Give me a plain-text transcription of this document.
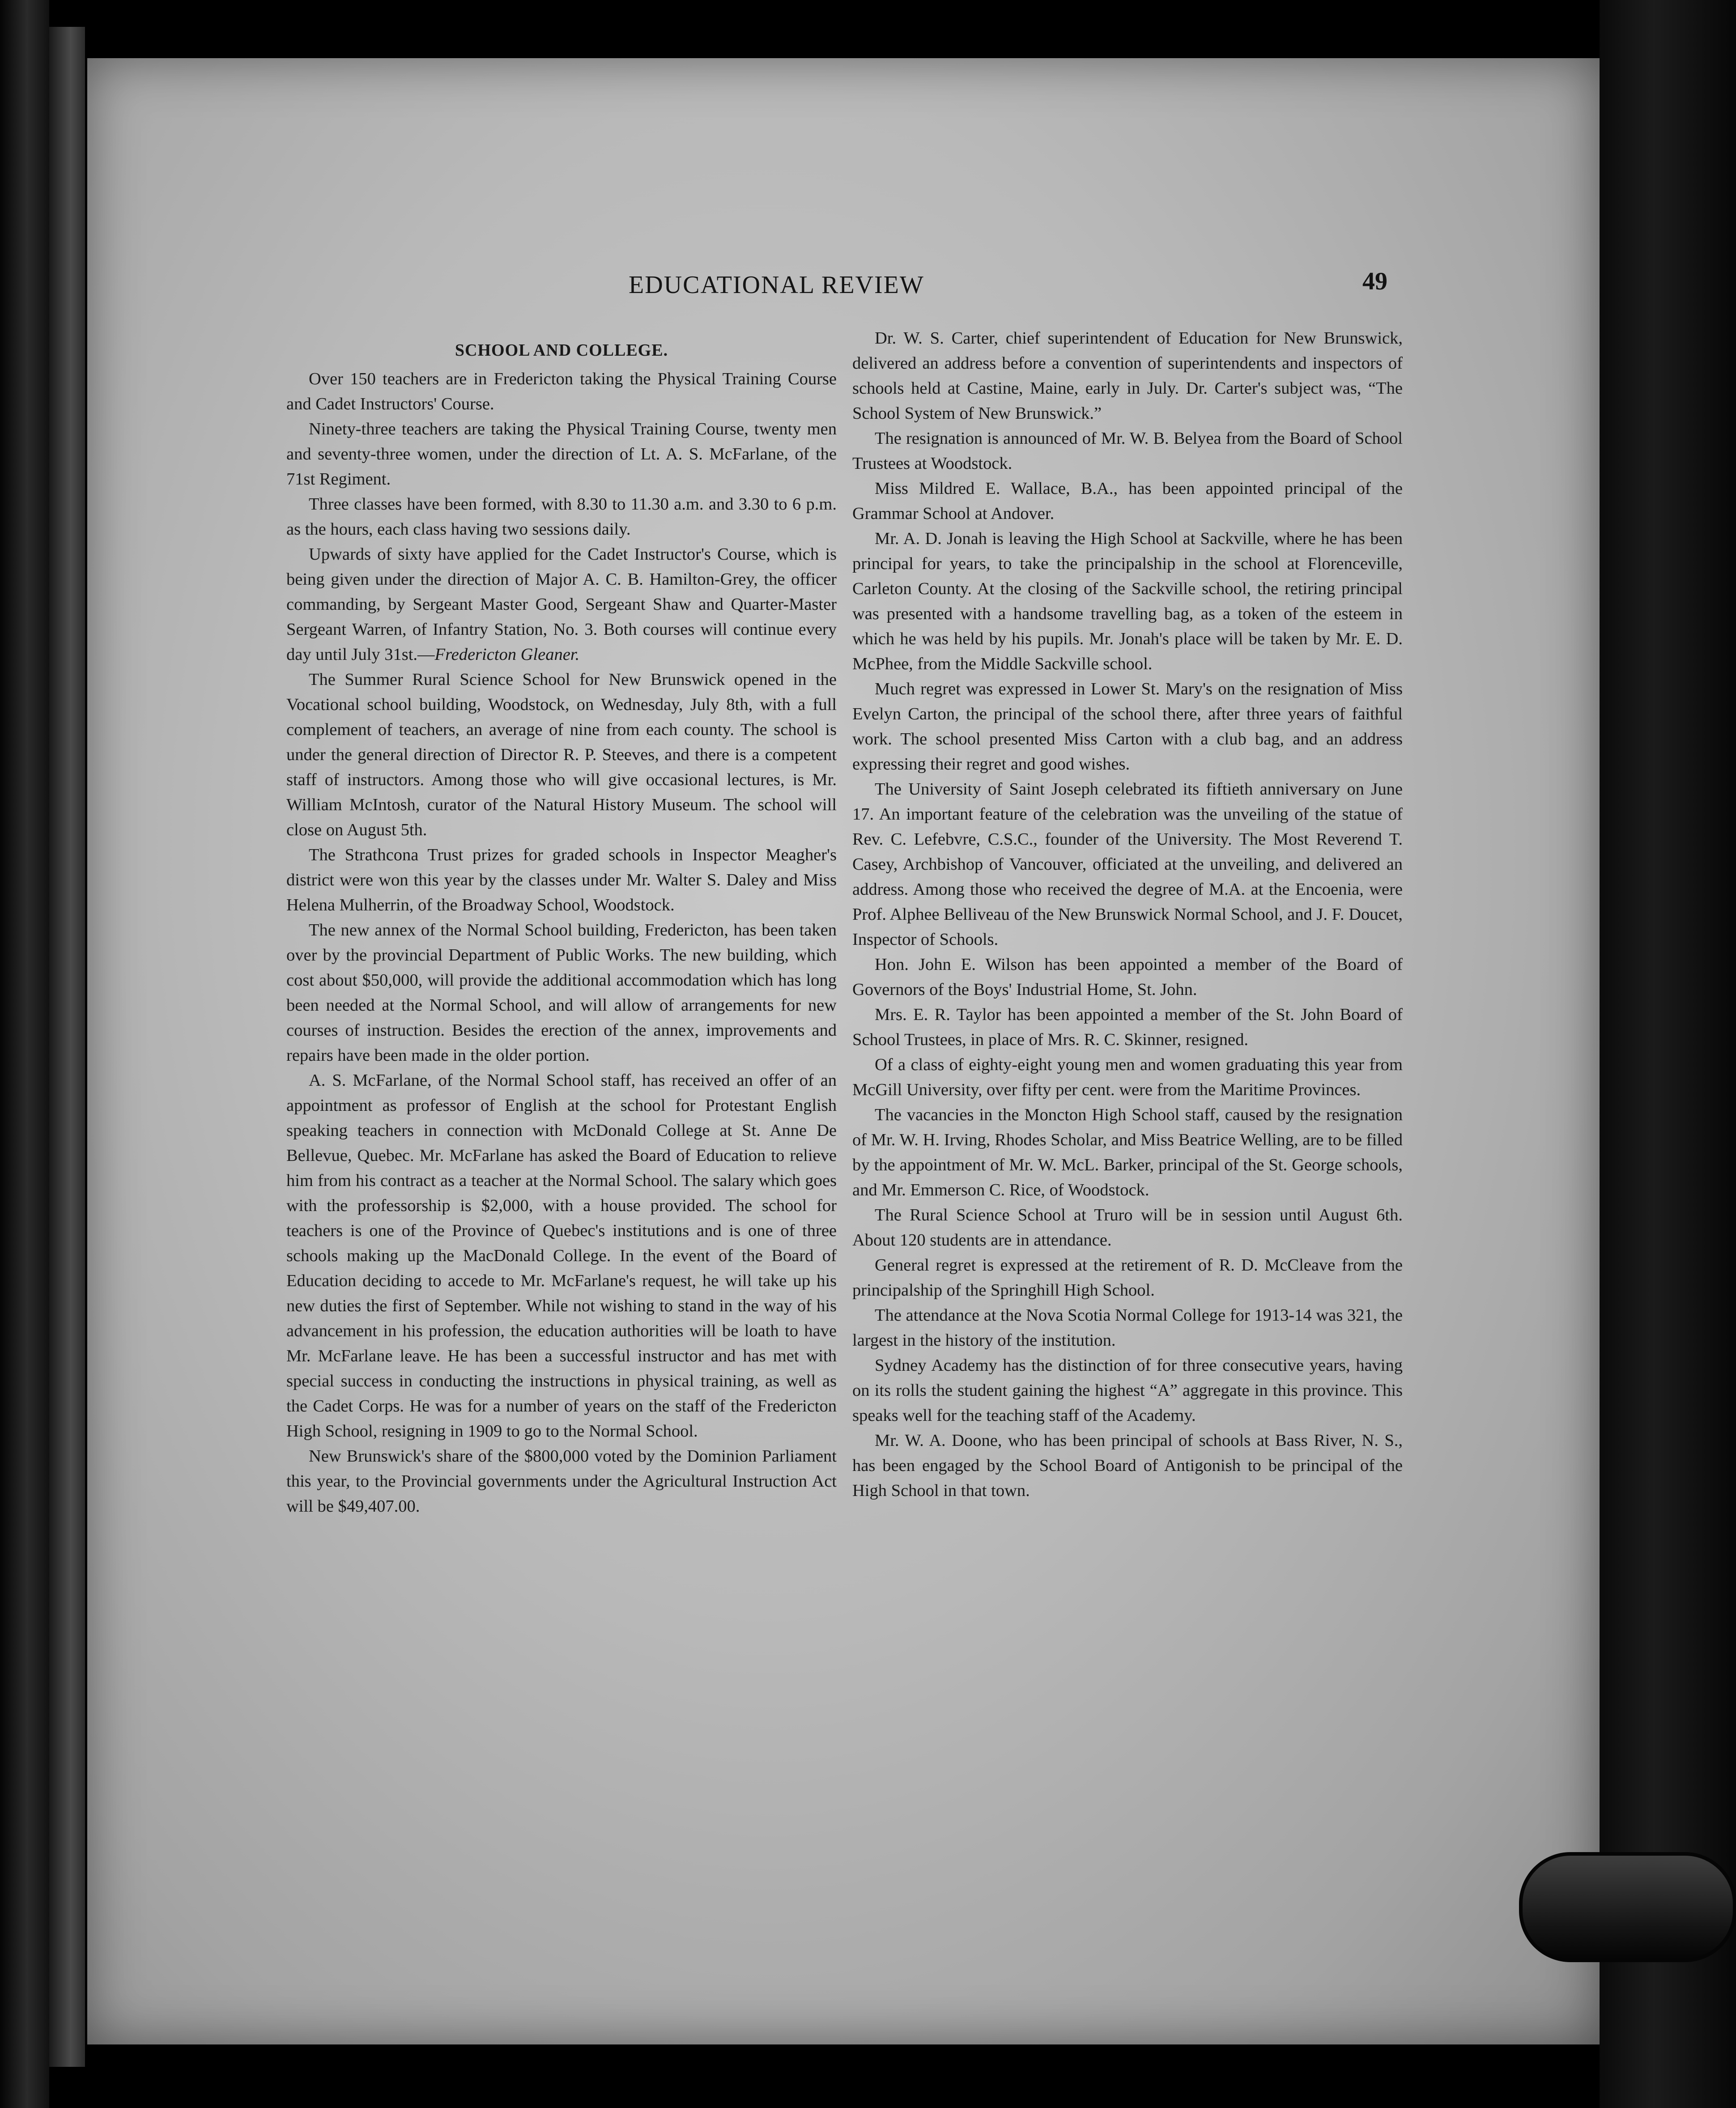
EDUCATIONAL REVIEW	49
SCHOOL AND COLLEGE.

Over 150 teachers are in Fredericton taking the Physical Training Course and Cadet Instructors' Course.

Ninety-three teachers are taking the Physical Training Course, twenty men and seventy-three women, under the direction of Lt. A. S. McFarlane, of the 71st Regiment.

Three classes have been formed, with 8.30 to 11.30 a.m. and 3.30 to 6 p.m. as the hours, each class having two sessions daily.

Upwards of sixty have applied for the Cadet Instructor's Course, which is being given under the direction of Major A. C. B. Hamilton-Grey, the officer commanding, by Sergeant Master Good, Sergeant Shaw and Quarter-Master Sergeant Warren, of Infantry Station, No. 3. Both courses will continue every day until July 31st.—Fredericton Gleaner.

The Summer Rural Science School for New Brunswick opened in the Vocational school building, Woodstock, on Wednesday, July 8th, with a full complement of teachers, an average of nine from each county. The school is under the general direction of Director R. P. Steeves, and there is a competent staff of instructors. Among those who will give occasional lectures, is Mr. William McIntosh, curator of the Natural History Museum. The school will close on August 5th.

The Strathcona Trust prizes for graded schools in Inspector Meagher's district were won this year by the classes under Mr. Walter S. Daley and Miss Helena Mulherrin, of the Broadway School, Woodstock.

The new annex of the Normal School building, Fredericton, has been taken over by the provincial Department of Public Works. The new building, which cost about $50,000, will provide the additional accommodation which has long been needed at the Normal School, and will allow of arrangements for new courses of instruction. Besides the erection of the annex, improvements and repairs have been made in the older portion.

A. S. McFarlane, of the Normal School staff, has received an offer of an appointment as professor of English at the school for Protestant English speaking teachers in connection with McDonald College at St. Anne De Bellevue, Quebec. Mr. McFarlane has asked the Board of Education to relieve him from his contract as a teacher at the Normal School. The salary which goes with the professorship is $2,000, with a house provided. The school for teachers is one of the Province of Quebec's institutions and is one of three schools making up the MacDonald College. In the event of the Board of Education deciding to accede to Mr. McFarlane's request, he will take up his new duties the first of September. While not wishing to stand in the way of his advancement in his profession, the education authorities will be loath to have Mr. McFarlane leave. He has been a successful instructor and has met with special success in conducting the instructions in physical training, as well as the Cadet Corps. He was for a number of years on the staff of the Fredericton High School, resigning in 1909 to go to the Normal School.

New Brunswick's share of the $800,000 voted by the Dominion Parliament this year, to the Provincial governments under the Agricultural Instruction Act will be $49,407.00.

Dr. W. S. Carter, chief superintendent of Education for New Brunswick, delivered an address before a convention of superintendents and inspectors of schools held at Castine, Maine, early in July. Dr. Carter's subject was, “The School System of New Brunswick.”

The resignation is announced of Mr. W. B. Belyea from the Board of School Trustees at Woodstock.

Miss Mildred E. Wallace, B.A., has been appointed principal of the Grammar School at Andover.

Mr. A. D. Jonah is leaving the High School at Sackville, where he has been principal for years, to take the principalship in the school at Florenceville, Carleton County. At the closing of the Sackville school, the retiring principal was presented with a handsome travelling bag, as a token of the esteem in which he was held by his pupils. Mr. Jonah's place will be taken by Mr. E. D. McPhee, from the Middle Sackville school.

Much regret was expressed in Lower St. Mary's on the resignation of Miss Evelyn Carton, the principal of the school there, after three years of faithful work. The school presented Miss Carton with a club bag, and an address expressing their regret and good wishes.

The University of Saint Joseph celebrated its fiftieth anniversary on June 17. An important feature of the celebration was the unveiling of the statue of Rev. C. Lefebvre, C.S.C., founder of the University. The Most Reverend T. Casey, Archbishop of Vancouver, officiated at the unveiling, and delivered an address. Among those who received the degree of M.A. at the Encoenia, were Prof. Alphee Belliveau of the New Brunswick Normal School, and J. F. Doucet, Inspector of Schools.

Hon. John E. Wilson has been appointed a member of the Board of Governors of the Boys' Industrial Home, St. John.

Mrs. E. R. Taylor has been appointed a member of the St. John Board of School Trustees, in place of Mrs. R. C. Skinner, resigned.

Of a class of eighty-eight young men and women graduating this year from McGill University, over fifty per cent. were from the Maritime Provinces.

The vacancies in the Moncton High School staff, caused by the resignation of Mr. W. H. Irving, Rhodes Scholar, and Miss Beatrice Welling, are to be filled by the appointment of Mr. W. McL. Barker, principal of the St. George schools, and Mr. Emmerson C. Rice, of Woodstock.

The Rural Science School at Truro will be in session until August 6th. About 120 students are in attendance.

General regret is expressed at the retirement of R. D. McCleave from the principalship of the Springhill High School.

The attendance at the Nova Scotia Normal College for 1913-14 was 321, the largest in the history of the institution.

Sydney Academy has the distinction of for three consecutive years, having on its rolls the student gaining the highest “A” aggregate in this province. This speaks well for the teaching staff of the Academy.

Mr. W. A. Doone, who has been principal of schools at Bass River, N. S., has been engaged by the School Board of Antigonish to be principal of the High School in that town.
